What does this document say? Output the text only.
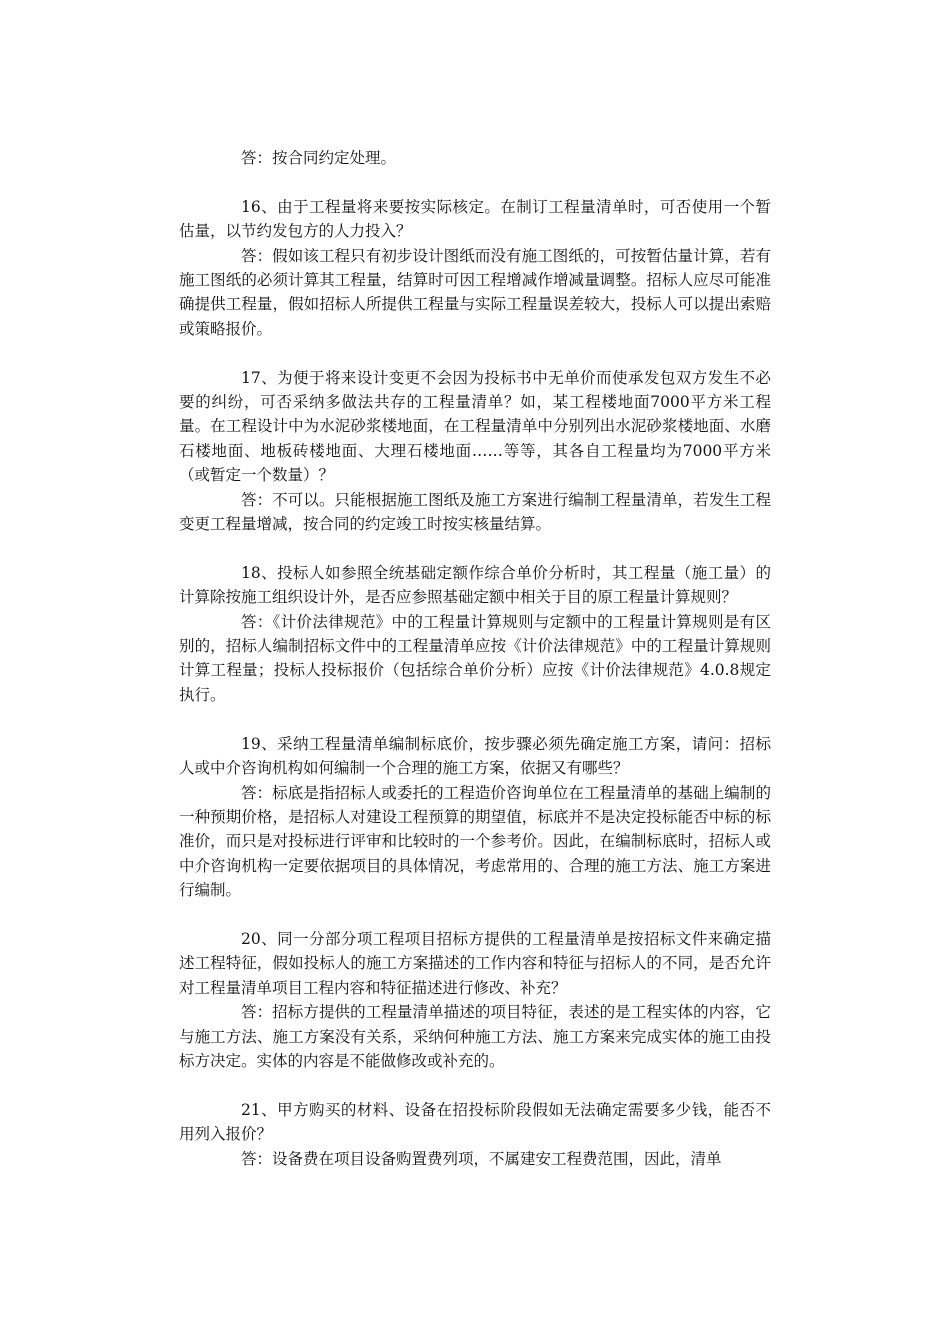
答：按合同约定处理。

16、由于工程量将来要按实际核定。在制订工程量清单时，可否使用一个暂估量，以节约发包方的人力投入？

答：假如该工程只有初步设计图纸而没有施工图纸的，可按暂估量计算，若有施工图纸的必须计算其工程量，结算时可因工程增减作增减量调整。招标人应尽可能准确提供工程量，假如招标人所提供工程量与实际工程量误差较大，投标人可以提出索赔或策略报价。

17、为便于将来设计变更不会因为投标书中无单价而使承发包双方发生不必要的纠纷，可否采纳多做法共存的工程量清单？如，某工程楼地面7000平方米工程量。在工程设计中为水泥砂浆楼地面，在工程量清单中分别列出水泥砂浆楼地面、水磨石楼地面、地板砖楼地面、大理石楼地面……等等，其各自工程量均为7000平方米（或暂定一个数量）？

答：不可以。只能根据施工图纸及施工方案进行编制工程量清单，若发生工程变更工程量增减，按合同的约定竣工时按实核量结算。

18、投标人如参照全统基础定额作综合单价分析时，其工程量（施工量）的计算除按施工组织设计外，是否应参照基础定额中相关于目的原工程量计算规则？

答：《计价法律规范》中的工程量计算规则与定额中的工程量计算规则是有区别的，招标人编制招标文件中的工程量清单应按《计价法律规范》中的工程量计算规则计算工程量；投标人投标报价（包括综合单价分析）应按《计价法律规范》4.0.8规定执行。

19、采纳工程量清单编制标底价，按步骤必须先确定施工方案，请问：招标人或中介咨询机构如何编制一个合理的施工方案，依据又有哪些？

答：标底是指招标人或委托的工程造价咨询单位在工程量清单的基础上编制的一种预期价格，是招标人对建设工程预算的期望值，标底并不是决定投标能否中标的标准价，而只是对投标进行评审和比较时的一个参考价。因此，在编制标底时，招标人或中介咨询机构一定要依据项目的具体情况，考虑常用的、合理的施工方法、施工方案进行编制。

20、同一分部分项工程项目招标方提供的工程量清单是按招标文件来确定描述工程特征，假如投标人的施工方案描述的工作内容和特征与招标人的不同，是否允许对工程量清单项目工程内容和特征描述进行修改、补充？

答：招标方提供的工程量清单描述的项目特征，表述的是工程实体的内容，它与施工方法、施工方案没有关系，采纳何种施工方法、施工方案来完成实体的施工由投标方决定。实体的内容是不能做修改或补充的。

21、甲方购买的材料、设备在招投标阶段假如无法确定需要多少钱，能否不用列入报价？

答：设备费在项目设备购置费列项，不属建安工程费范围，因此，清单
